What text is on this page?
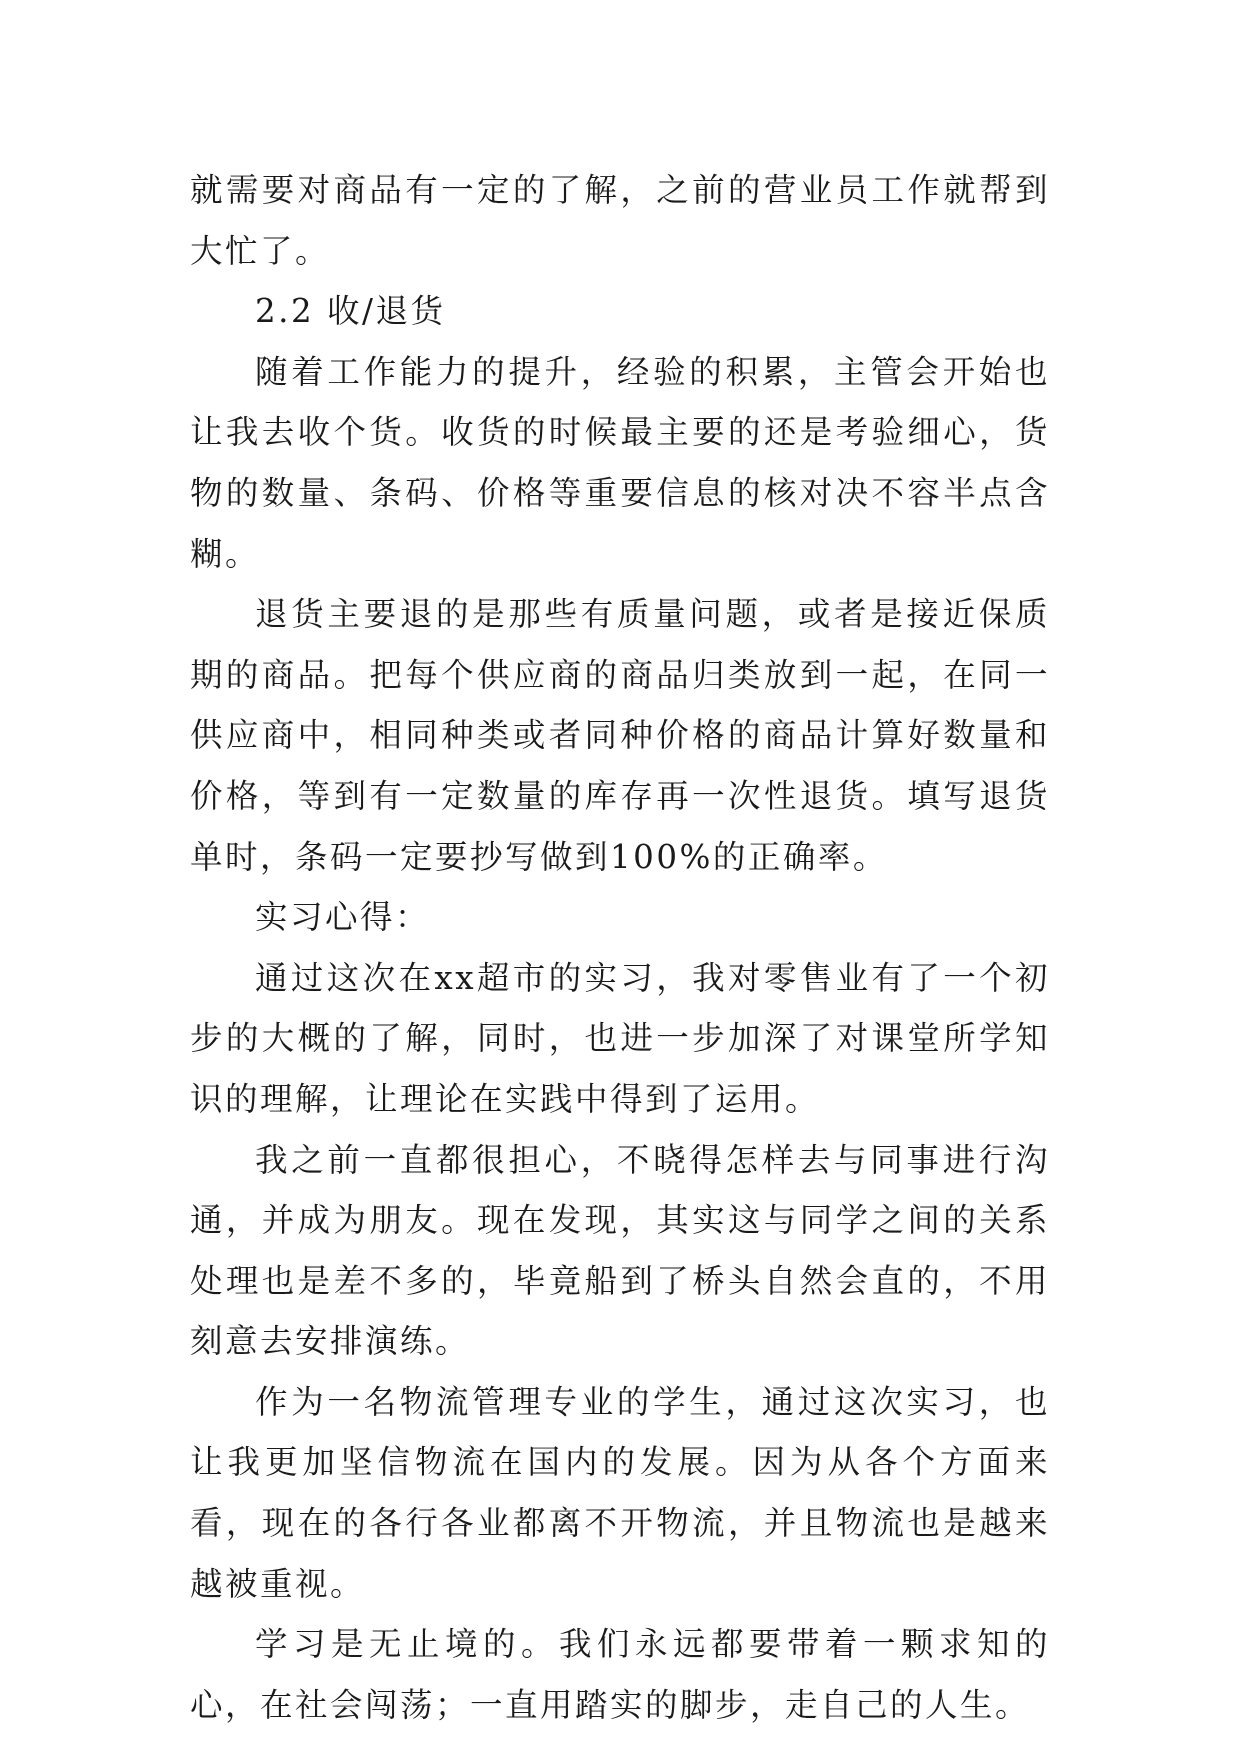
就需要对商品有一定的了解，之前的营业员工作就帮到大忙了。

2.2 收/退货

随着工作能力的提升，经验的积累，主管会开始也让我去收个货。收货的时候最主要的还是考验细心，货物的数量、条码、价格等重要信息的核对决不容半点含糊。

退货主要退的是那些有质量问题，或者是接近保质期的商品。把每个供应商的商品归类放到一起，在同一供应商中，相同种类或者同种价格的商品计算好数量和价格，等到有一定数量的库存再一次性退货。填写退货单时，条码一定要抄写做到100%的正确率。

实习心得：

通过这次在xx超市的实习，我对零售业有了一个初步的大概的了解，同时，也进一步加深了对课堂所学知识的理解，让理论在实践中得到了运用。

我之前一直都很担心，不晓得怎样去与同事进行沟通，并成为朋友。现在发现，其实这与同学之间的关系处理也是差不多的，毕竟船到了桥头自然会直的，不用刻意去安排演练。

作为一名物流管理专业的学生，通过这次实习，也让我更加坚信物流在国内的发展。因为从各个方面来看，现在的各行各业都离不开物流，并且物流也是越来越被重视。

学习是无止境的。我们永远都要带着一颗求知的心，在社会闯荡；一直用踏实的脚步，走自己的人生。
